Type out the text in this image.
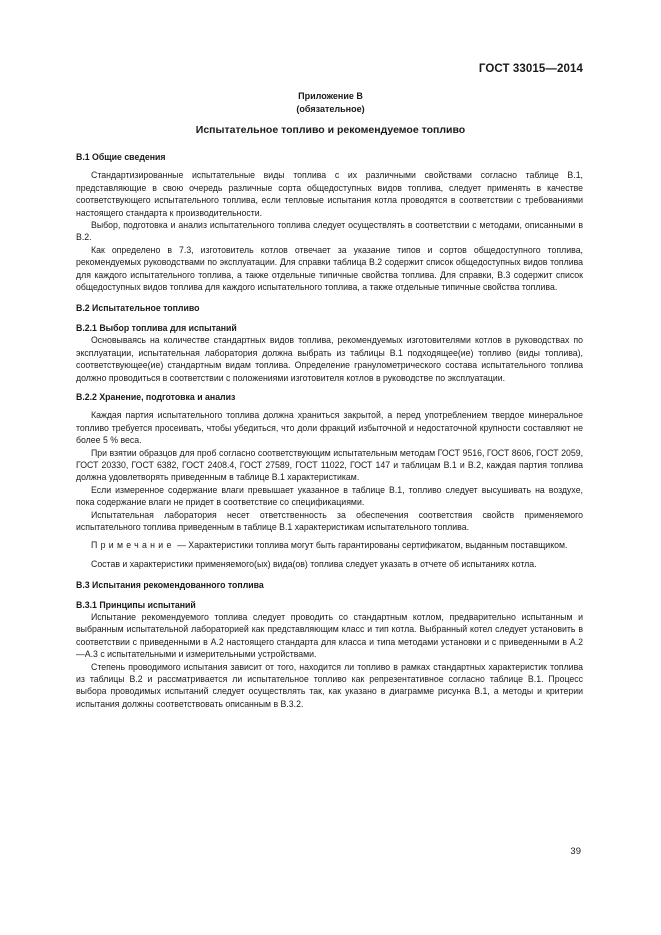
ГОСТ 33015—2014
Приложение В
(обязательное)
Испытательное топливо и рекомендуемое топливо
В.1 Общие сведения

Стандартизированные испытательные виды топлива с их различными свойствами согласно таблице В.1, представляющие в свою очередь различные сорта общедоступных видов топлива, следует применять в качестве соответствующего испытательного топлива, если тепловые испытания котла проводятся в соответствии с требованиями настоящего стандарта к производительности.

Выбор, подготовка и анализ испытательного топлива следует осуществлять в соответствии с методами, описанными в В.2.

Как определено в 7.3, изготовитель котлов отвечает за указание типов и сортов общедоступного топлива, рекомендуемых руководствами по эксплуатации. Для справки таблица В.2 содержит список общедоступных видов топлива для каждого испытательного топлива, а также отдельные типичные свойства топлива. Для справки, В.3 содержит список общедоступных видов топлива для каждого испытательного топлива, а также отдельные типичные свойства топлива.

В.2 Испытательное топливо
В.2.1 Выбор топлива для испытаний

Основываясь на количестве стандартных видов топлива, рекомендуемых изготовителями котлов в руководствах по эксплуатации, испытательная лаборатория должна выбрать из таблицы В.1 подходящее(ие) топливо (виды топлива), соответствующее(ие) стандартным видам топлива. Определение гранулометрического состава испытательного топлива должно проводиться в соответствии с положениями изготовителя котлов в руководстве по эксплуатации.

В.2.2 Хранение, подготовка и анализ

Каждая партия испытательного топлива должна храниться закрытой, а перед употреблением твердое минеральное топливо требуется просеивать, чтобы убедиться, что доли фракций избыточной и недостаточной крупности составляют не более 5 % веса.

При взятии образцов для проб согласно соответствующим испытательным методам ГОСТ 9516, ГОСТ 8606, ГОСТ 2059, ГОСТ 20330, ГОСТ 6382, ГОСТ 2408.4, ГОСТ 27589, ГОСТ 11022, ГОСТ 147 и таблицам В.1 и В.2, каждая партия топлива должна удовлетворять приведенным в таблице В.1 характеристикам.

Если измеренное содержание влаги превышает указанное в таблице В.1, топливо следует высушивать на воздухе, пока содержание влаги не придет в соответствие со спецификациями.

Испытательная лаборатория несет ответственность за обеспечения соответствия свойств применяемого испытательного топлива приведенным в таблице В.1 характеристикам испытательного топлива.

Примечание — Характеристики топлива могут быть гарантированы сертификатом, выданным поставщиком.

Состав и характеристики применяемого(ых) вида(ов) топлива следует указать в отчете об испытаниях котла.

В.3 Испытания рекомендованного топлива
В.3.1 Принципы испытаний

Испытание рекомендуемого топлива следует проводить со стандартным котлом, предварительно испытанным и выбранным испытательной лабораторией как представляющим класс и тип котла. Выбранный котел следует установить в соответствии с приведенными в А.2 настоящего стандарта для класса и типа методами установки и с приведенными в А.2—А.3 с испытательными и измерительными устройствами.

Степень проводимого испытания зависит от того, находится ли топливо в рамках стандартных характеристик топлива из таблицы В.2 и рассматривается ли испытательное топливо как репрезентативное согласно таблице В.1. Процесс выбора проводимых испытаний следует осуществлять так, как указано в диаграмме рисунка В.1, а методы и критерии испытания должны соответствовать описанным в В.3.2.

39
